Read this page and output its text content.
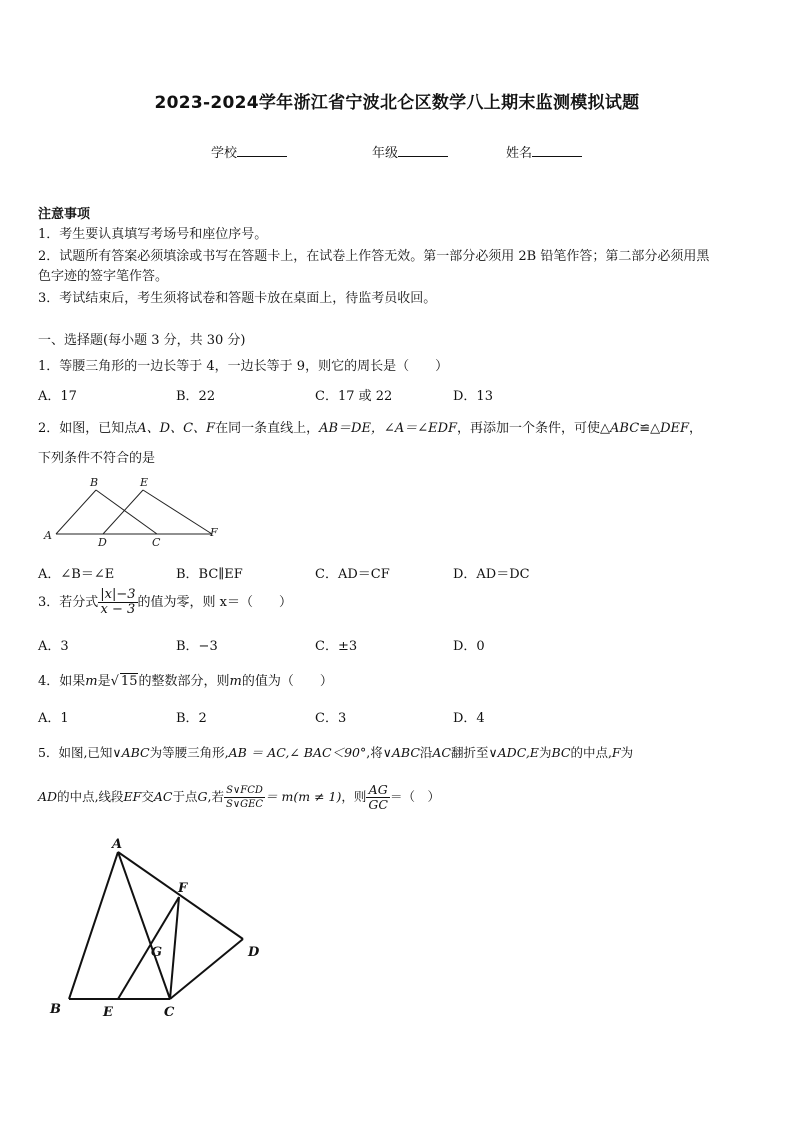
2023-2024学年浙江省宁波北仑区数学八上期末监测模拟试题
学校	年级	姓名
注意事项
1．考生要认真填写考场号和座位序号。
2．试题所有答案必须填涂或书写在答题卡上，在试卷上作答无效。第一部分必须用 2B 铅笔作答；第二部分必须用黑
色字迹的签字笔作答。
3．考试结束后，考生须将试卷和答题卡放在桌面上，待监考员收回。
一、选择题(每小题 3 分，共 30 分)
1．等腰三角形的一边长等于 4，一边长等于 9，则它的周长是（　　）
A．17	B．22	C．17 或 22	D．13
2．如图，已知点A、D、C、F在同一条直线上，AB＝DE，∠A＝∠EDF，再添加一个条件，可使△ABC≌△DEF，
下列条件不符合的是
A
B
D
E
C
F
A．∠B＝∠E	B．BC∥EF	C．AD＝CF	D．AD＝DC
3．若分式 $\frac{|x|-3}{x - 3}$ 的值为零，则 x＝（　　）
A．3	B．−3	C．±3	D．0
4．如果m是√ 15的整数部分，则m的值为（　　）
A．1	B．2	C．3	D．4
5．如图,已知∨ABC为等腰三角形,AB ＝ AC,∠ BAC＜90°,将∨ABC沿AC翻折至∨ADC,E为BC的中点,F为
AD的中点,线段EF交AC于点G,若 $\frac{\text{S∨FCD}}{\text{S∨GEC}} = m(m \ne 1)$，则 $\frac{AG}{GC}$ ＝（　）
A
F
G	D
B	E	C
